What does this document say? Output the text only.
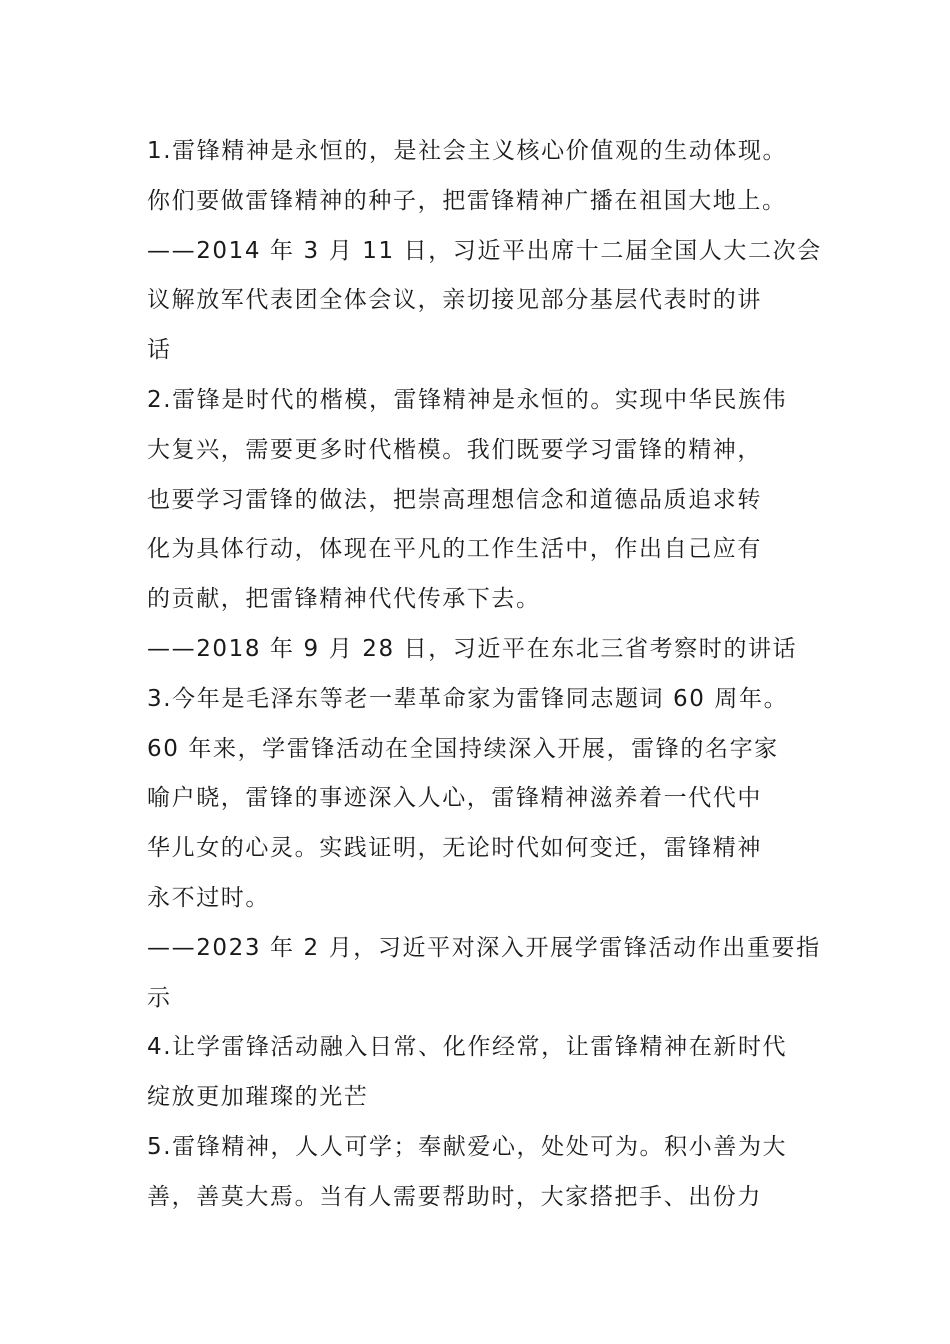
1.雷锋精神是永恒的，是社会主义核心价值观的生动体现。
你们要做雷锋精神的种子，把雷锋精神广播在祖国大地上。
——2014 年 3 月 11 日，习近平出席十二届全国人大二次会
议解放军代表团全体会议，亲切接见部分基层代表时的讲
话
2.雷锋是时代的楷模，雷锋精神是永恒的。实现中华民族伟
大复兴，需要更多时代楷模。我们既要学习雷锋的精神，
也要学习雷锋的做法，把崇高理想信念和道德品质追求转
化为具体行动，体现在平凡的工作生活中，作出自己应有
的贡献，把雷锋精神代代传承下去。
——2018 年 9 月 28 日，习近平在东北三省考察时的讲话
3.今年是毛泽东等老一辈革命家为雷锋同志题词 60 周年。
60 年来，学雷锋活动在全国持续深入开展，雷锋的名字家
喻户晓，雷锋的事迹深入人心，雷锋精神滋养着一代代中
华儿女的心灵。实践证明，无论时代如何变迁，雷锋精神
永不过时。
——2023 年 2 月，习近平对深入开展学雷锋活动作出重要指
示
4.让学雷锋活动融入日常、化作经常，让雷锋精神在新时代
绽放更加璀璨的光芒
5.雷锋精神，人人可学；奉献爱心，处处可为。积小善为大
善，善莫大焉。当有人需要帮助时，大家搭把手、出份力
